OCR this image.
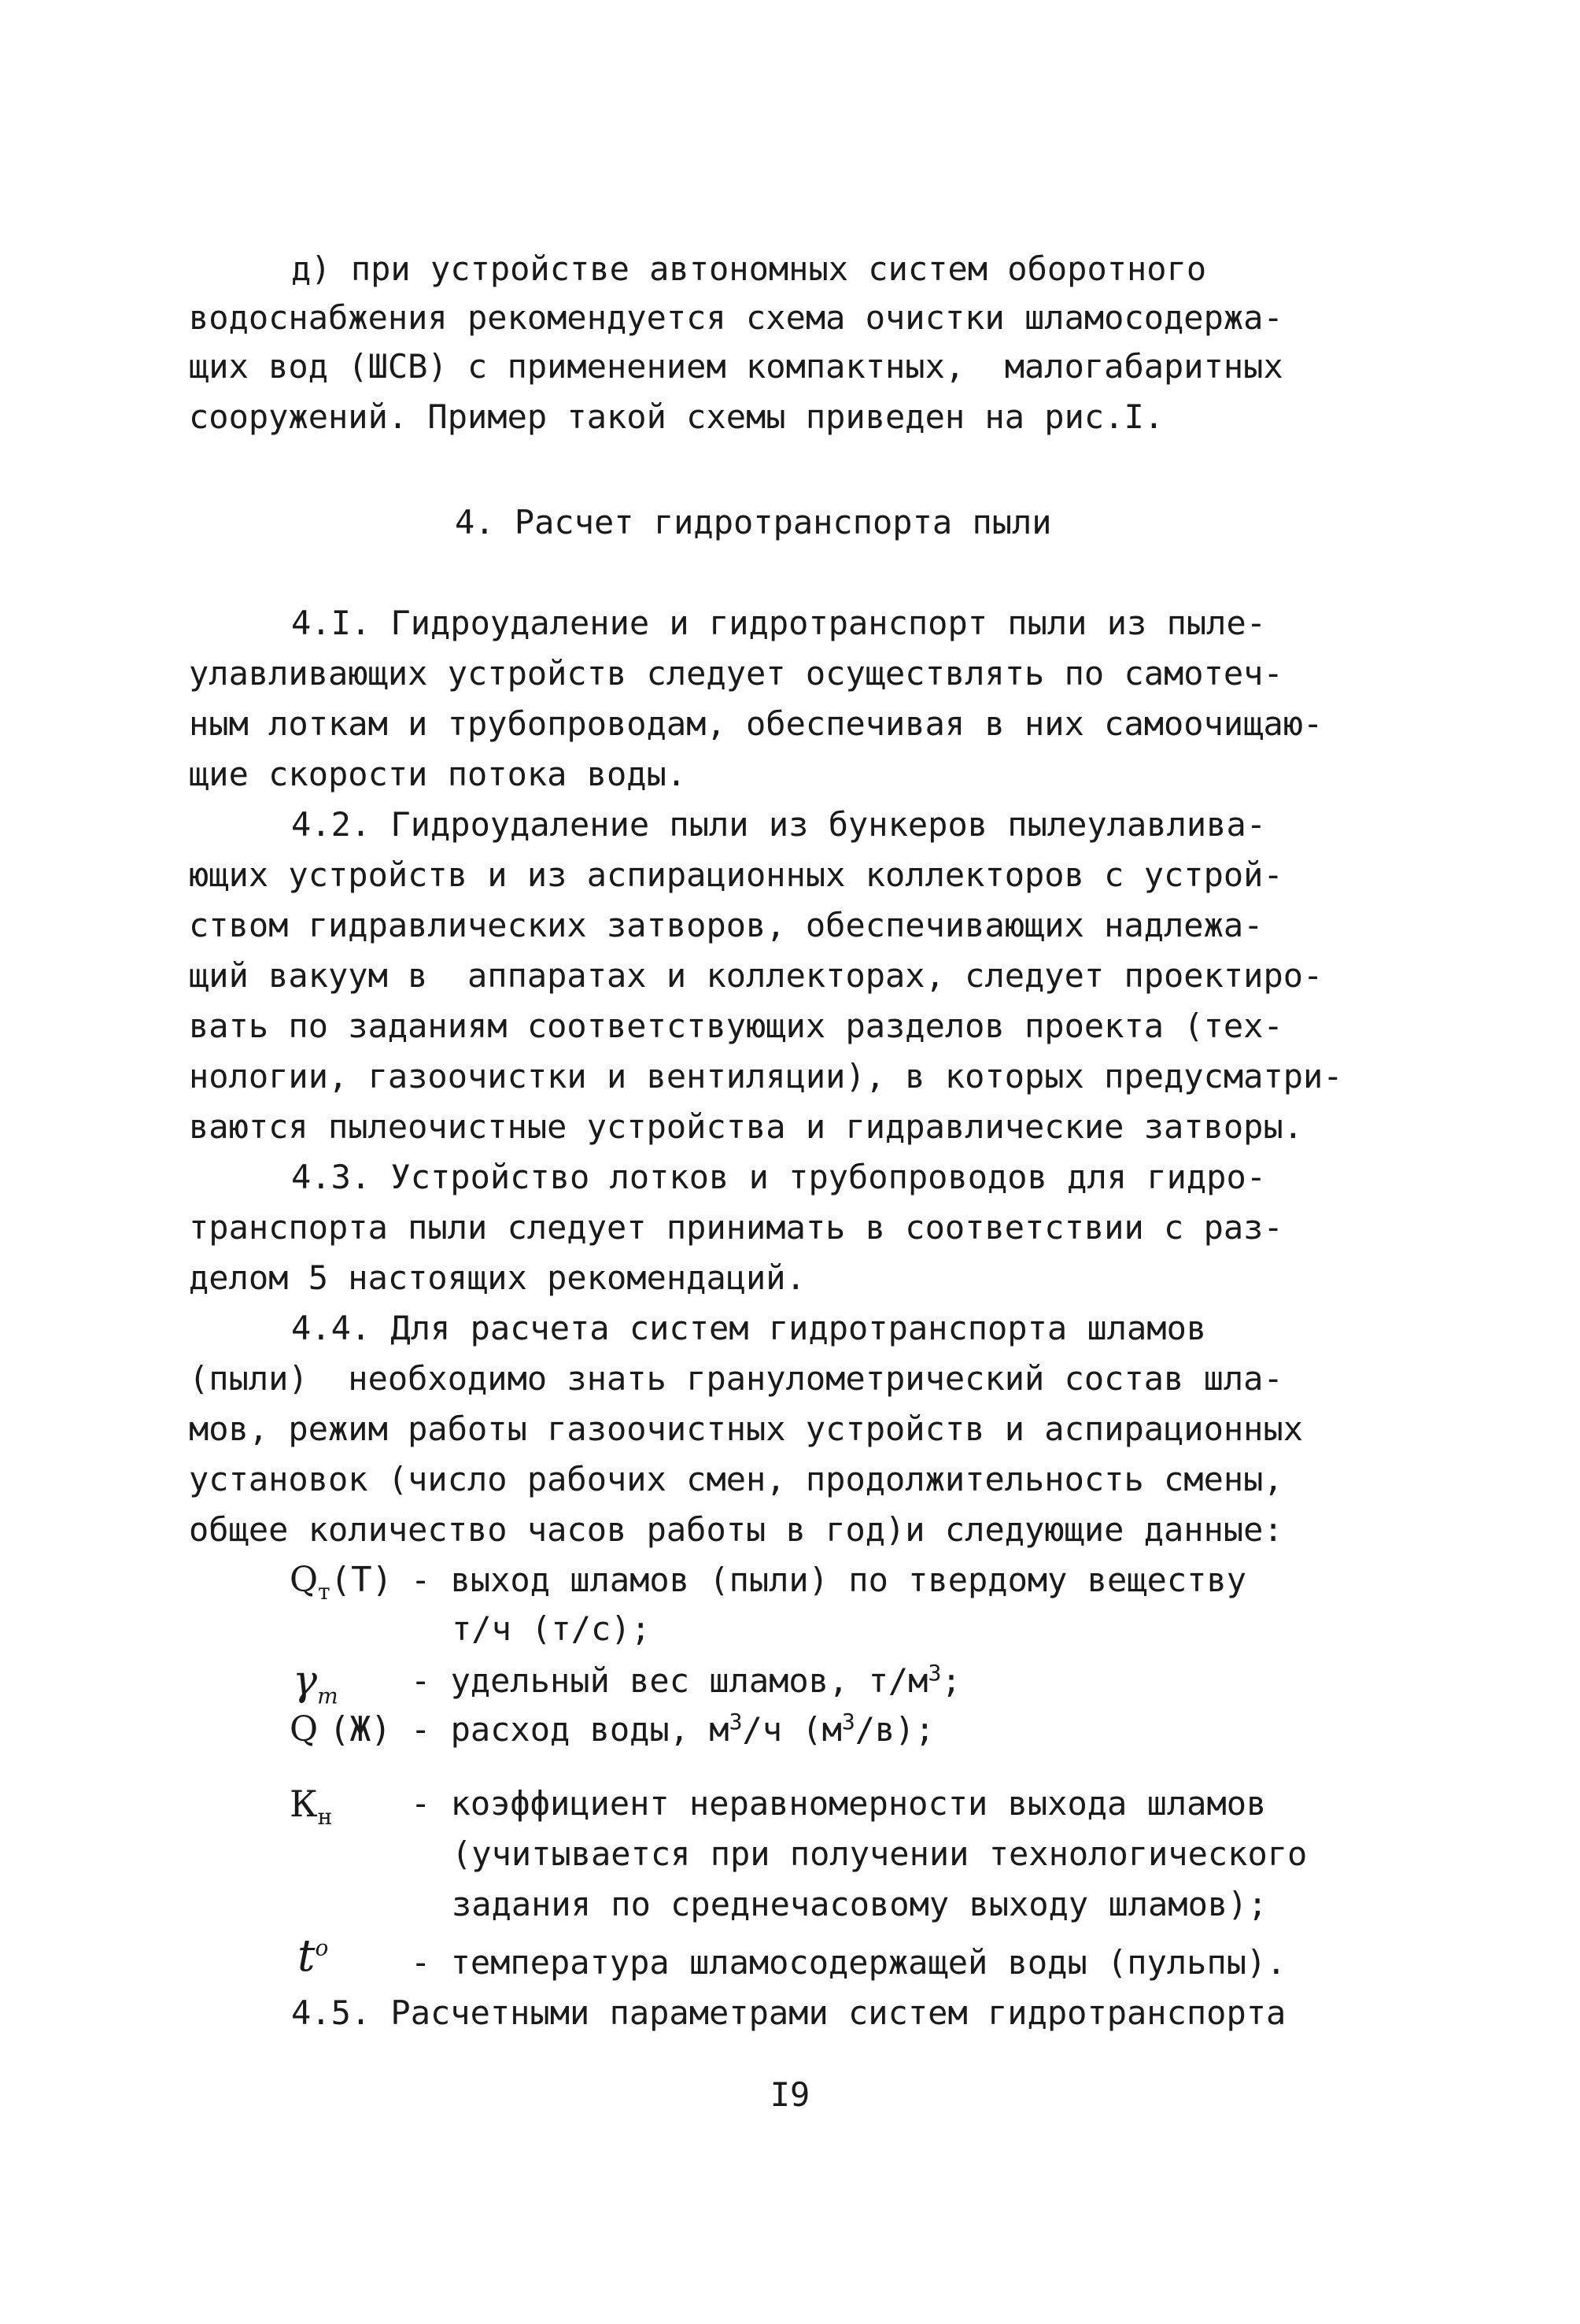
д) при устройстве автономных систем оборотного
водоснабжения рекомендуется схема очистки шламосодержа-
щих вод (ШСВ) с применением компактных,  малогабаритных
сооружений. Пример такой схемы приведен на рис.I.
4. Расчет гидротранспорта пыли
4.I. Гидроудаление и гидротранспорт пыли из пыле-
улавливающих устройств следует осуществлять по самотеч-
ным лоткам и трубопроводам, обеспечивая в них самоочищаю-
щие скорости потока воды.
4.2. Гидроудаление пыли из бункеров пылеулавлива-
ющих устройств и из аспирационных коллекторов с устрой-
ством гидравлических затворов, обеспечивающих надлежа-
щий вакуум в  аппаратах и коллекторах, следует проектиро-
вать по заданиям соответствующих разделов проекта (тех-
нологии, газоочистки и вентиляции), в которых предусматри-
ваются пылеочистные устройства и гидравлические затворы.
4.3. Устройство лотков и трубопроводов для гидро-
транспорта пыли следует принимать в соответствии с раз-
делом 5 настоящих рекомендаций.
4.4. Для расчета систем гидротранспорта шламов
(пыли)  необходимо знать гранулометрический состав шла-
мов, режим работы газоочистных устройств и аспирационных
установок (число рабочих смен, продолжительность смены,
общее количество часов работы в год)и следующие данные:
$Q_т(Т)$ - выход шламов (пыли) по твердому веществу
т/ч (т/с);
$\gamma_т$ - удельный вес шламов, $т/м^3$;
Q (Ж) - расход воды, $м^3/ч$ $(м^3/в)$;
$К_н$ - коэффициент неравномерности выхода шламов
(учитывается при получении технологического
задания по среднечасовому выходу шламов);
$t^o$ - температура шламосодержащей воды (пульпы).
4.5. Расчетными параметрами систем гидротранспорта
I9
